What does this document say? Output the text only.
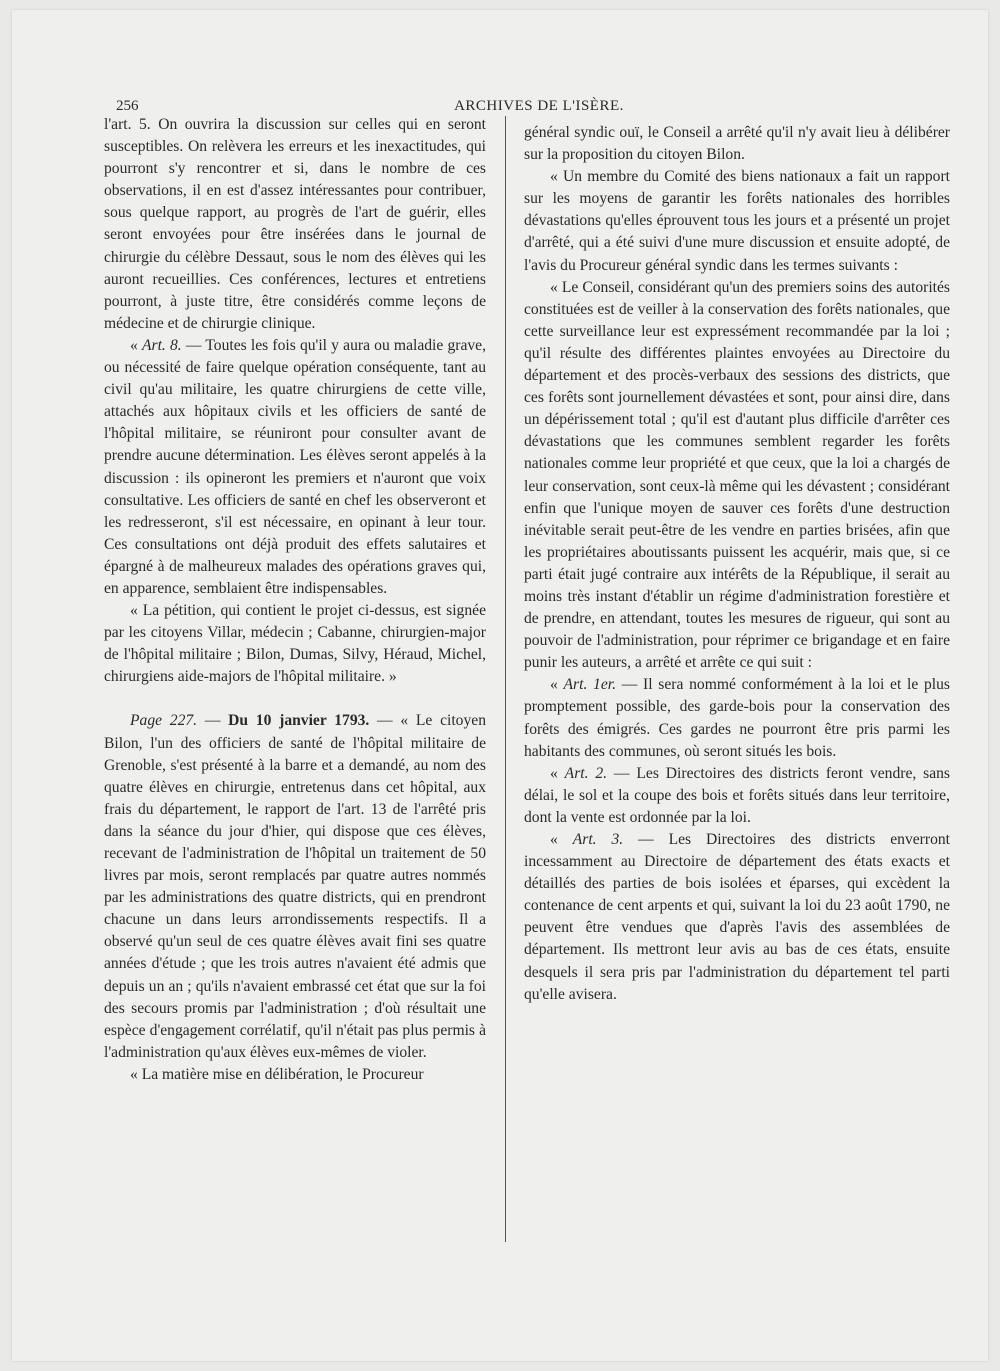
256	ARCHIVES DE L'ISÈRE.

l'art. 5. On ouvrira la discussion sur celles qui en seront susceptibles. On relèvera les erreurs et les inexactitudes, qui pourront s'y rencontrer et si, dans le nombre de ces observations, il en est d'assez intéressantes pour contribuer, sous quelque rapport, au progrès de l'art de guérir, elles seront envoyées pour être insérées dans le journal de chirurgie du célèbre Dessaut, sous le nom des élèves qui les auront recueillies. Ces conférences, lectures et entretiens pourront, à juste titre, être considérés comme leçons de médecine et de chirurgie clinique.

« Art. 8. — Toutes les fois qu'il y aura ou maladie grave, ou nécessité de faire quelque opération conséquente, tant au civil qu'au militaire, les quatre chirurgiens de cette ville, attachés aux hôpitaux civils et les officiers de santé de l'hôpital militaire, se réuniront pour consulter avant de prendre aucune détermination. Les élèves seront appelés à la discussion : ils opineront les premiers et n'auront que voix consultative. Les officiers de santé en chef les observeront et les redresseront, s'il est nécessaire, en opinant à leur tour. Ces consultations ont déjà produit des effets salutaires et épargné à de malheureux malades des opérations graves qui, en apparence, semblaient être indispensables.

« La pétition, qui contient le projet ci-dessus, est signée par les citoyens Villar, médecin ; Cabanne, chirurgien-major de l'hôpital militaire ; Bilon, Dumas, Silvy, Héraud, Michel, chirurgiens aide-majors de l'hôpital militaire. »

Page 227. — Du 10 janvier 1793. — « Le citoyen Bilon, l'un des officiers de santé de l'hôpital militaire de Grenoble, s'est présenté à la barre et a demandé, au nom des quatre élèves en chirurgie, entretenus dans cet hôpital, aux frais du département, le rapport de l'art. 13 de l'arrêté pris dans la séance du jour d'hier, qui dispose que ces élèves, recevant de l'administration de l'hôpital un traitement de 50 livres par mois, seront remplacés par quatre autres nommés par les administrations des quatre districts, qui en prendront chacune un dans leurs arrondissements respectifs. Il a observé qu'un seul de ces quatre élèves avait fini ses quatre années d'étude ; que les trois autres n'avaient été admis que depuis un an ; qu'ils n'avaient embrassé cet état que sur la foi des secours promis par l'administration ; d'où résultait une espèce d'engagement corrélatif, qu'il n'était pas plus permis à l'administration qu'aux élèves eux-mêmes de violer.

« La matière mise en délibération, le Procureur

général syndic ouï, le Conseil a arrêté qu'il n'y avait lieu à délibérer sur la proposition du citoyen Bilon.

« Un membre du Comité des biens nationaux a fait un rapport sur les moyens de garantir les forêts nationales des horribles dévastations qu'elles éprouvent tous les jours et a présenté un projet d'arrêté, qui a été suivi d'une mure discussion et ensuite adopté, de l'avis du Procureur général syndic dans les termes suivants :

« Le Conseil, considérant qu'un des premiers soins des autorités constituées est de veiller à la conservation des forêts nationales, que cette surveillance leur est expressément recommandée par la loi ; qu'il résulte des différentes plaintes envoyées au Directoire du département et des procès-verbaux des sessions des districts, que ces forêts sont journellement dévastées et sont, pour ainsi dire, dans un dépérissement total ; qu'il est d'autant plus difficile d'arrêter ces dévastations que les communes semblent regarder les forêts nationales comme leur propriété et que ceux, que la loi a chargés de leur conservation, sont ceux-là même qui les dévastent ; considérant enfin que l'unique moyen de sauver ces forêts d'une destruction inévitable serait peut-être de les vendre en parties brisées, afin que les propriétaires aboutissants puissent les acquérir, mais que, si ce parti était jugé contraire aux intérêts de la République, il serait au moins très instant d'établir un régime d'administration forestière et de prendre, en attendant, toutes les mesures de rigueur, qui sont au pouvoir de l'administration, pour réprimer ce brigandage et en faire punir les auteurs, a arrêté et arrête ce qui suit :

« Art. 1er. — Il sera nommé conformément à la loi et le plus promptement possible, des garde-bois pour la conservation des forêts des émigrés. Ces gardes ne pourront être pris parmi les habitants des communes, où seront situés les bois.

« Art. 2. — Les Directoires des districts feront vendre, sans délai, le sol et la coupe des bois et forêts situés dans leur territoire, dont la vente est ordonnée par la loi.

« Art. 3. — Les Directoires des districts enverront incessamment au Directoire de département des états exacts et détaillés des parties de bois isolées et éparses, qui excèdent la contenance de cent arpents et qui, suivant la loi du 23 août 1790, ne peuvent être vendues que d'après l'avis des assemblées de département. Ils mettront leur avis au bas de ces états, ensuite desquels il sera pris par l'administration du département tel parti qu'elle avisera.
